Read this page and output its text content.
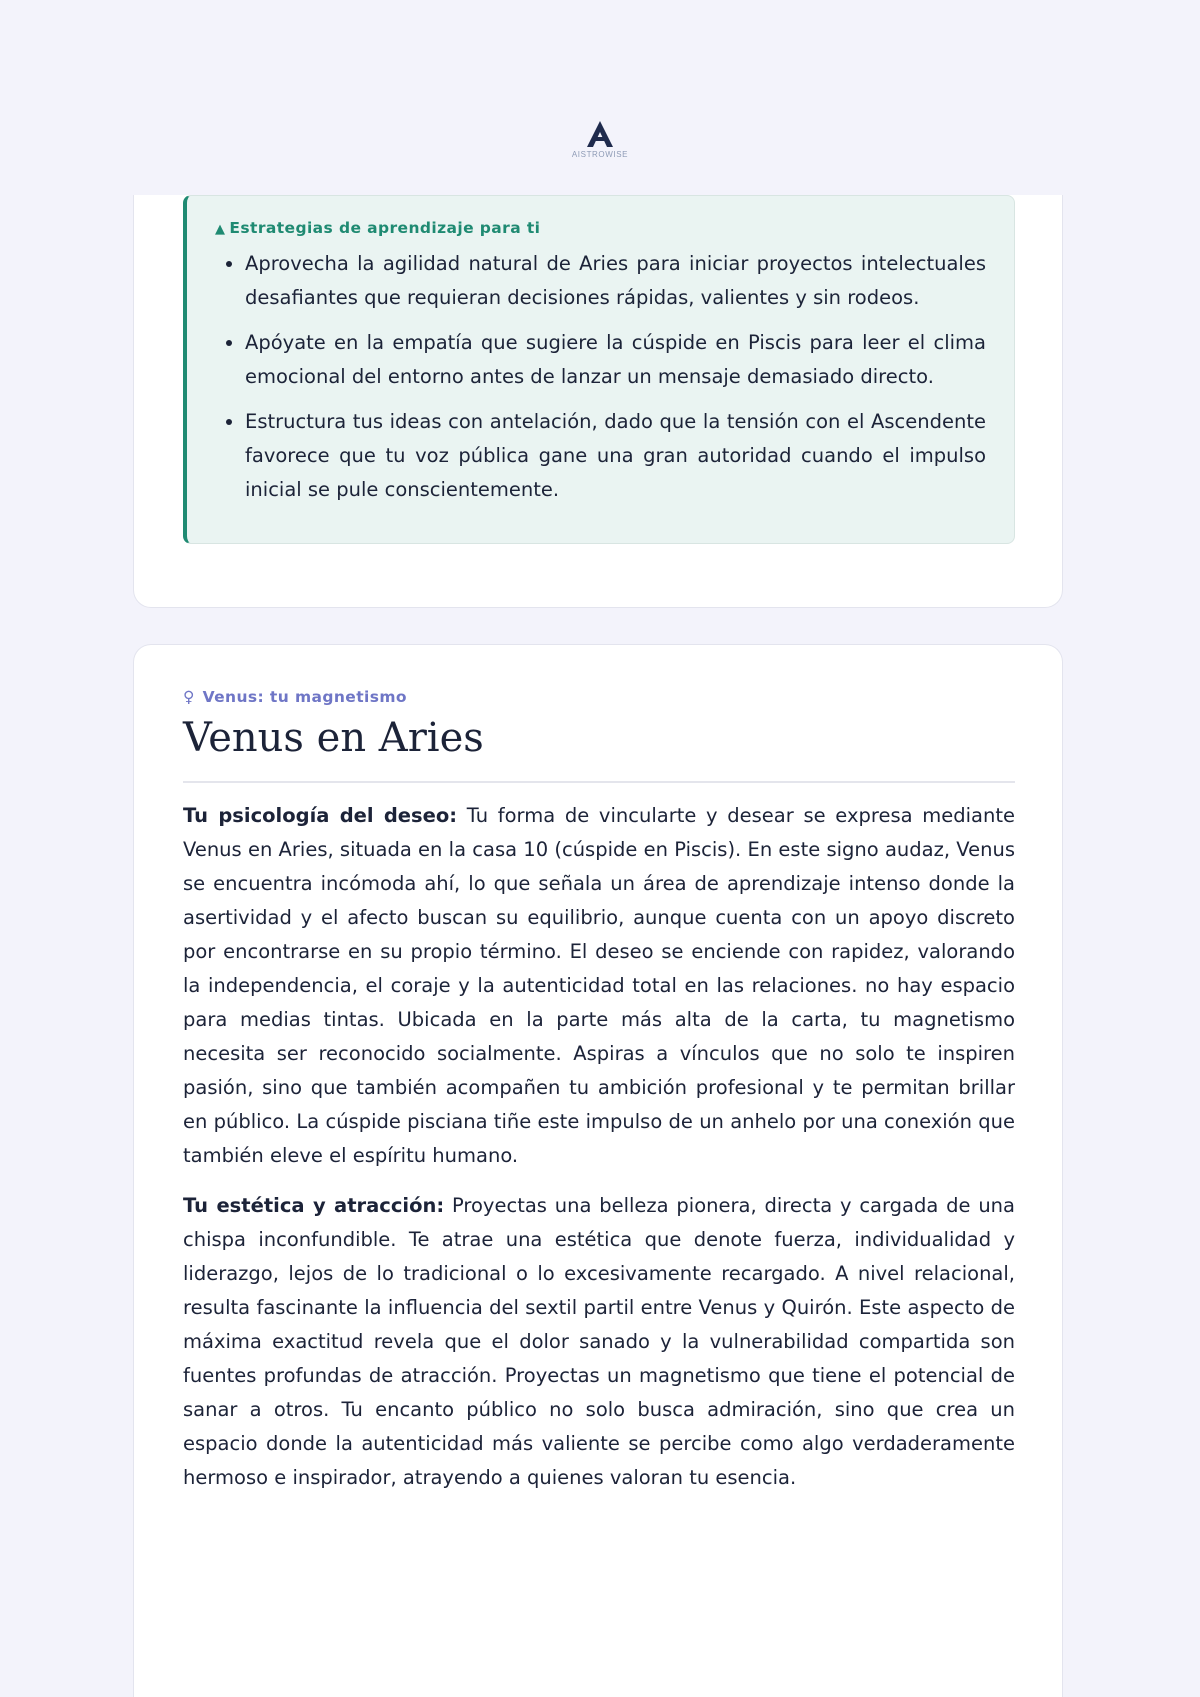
AISTROWISE
▲ Estrategias de aprendizaje para ti
• Aprovecha la agilidad natural de Aries para iniciar proyectos intelectuales desafiantes que requieran decisiones rápidas, valientes y sin rodeos.
• Apóyate en la empatía que sugiere la cúspide en Piscis para leer el clima emocional del entorno antes de lanzar un mensaje demasiado directo.
• Estructura tus ideas con antelación, dado que la tensión con el Ascendente favorece que tu voz pública gane una gran autoridad cuando el impulso inicial se pule conscientemente.
♀ Venus: tu magnetismo
Venus en Aries

Tu psicología del deseo: Tu forma de vincularte y desear se expresa mediante Venus en Aries, situada en la casa 10 (cúspide en Piscis). En este signo audaz, Venus se encuentra incómoda ahí, lo que señala un área de aprendizaje intenso donde la asertividad y el afecto buscan su equilibrio, aunque cuenta con un apoyo discreto por encontrarse en su propio término. El deseo se enciende con rapidez, valorando la independencia, el coraje y la autenticidad total en las relaciones. no hay espacio para medias tintas. Ubicada en la parte más alta de la carta, tu magnetismo necesita ser reconocido socialmente. Aspiras a vínculos que no solo te inspiren pasión, sino que también acompañen tu ambición profesional y te permitan brillar en público. La cúspide pisciana tiñe este impulso de un anhelo por una conexión que también eleve el espíritu humano.

Tu estética y atracción: Proyectas una belleza pionera, directa y cargada de una chispa inconfundible. Te atrae una estética que denote fuerza, individualidad y liderazgo, lejos de lo tradicional o lo excesivamente recargado. A nivel relacional, resulta fascinante la influencia del sextil partil entre Venus y Quirón. Este aspecto de máxima exactitud revela que el dolor sanado y la vulnerabilidad compartida son fuentes profundas de atracción. Proyectas un magnetismo que tiene el potencial de sanar a otros. Tu encanto público no solo busca admiración, sino que crea un espacio donde la autenticidad más valiente se percibe como algo verdaderamente hermoso e inspirador, atrayendo a quienes valoran tu esencia.
